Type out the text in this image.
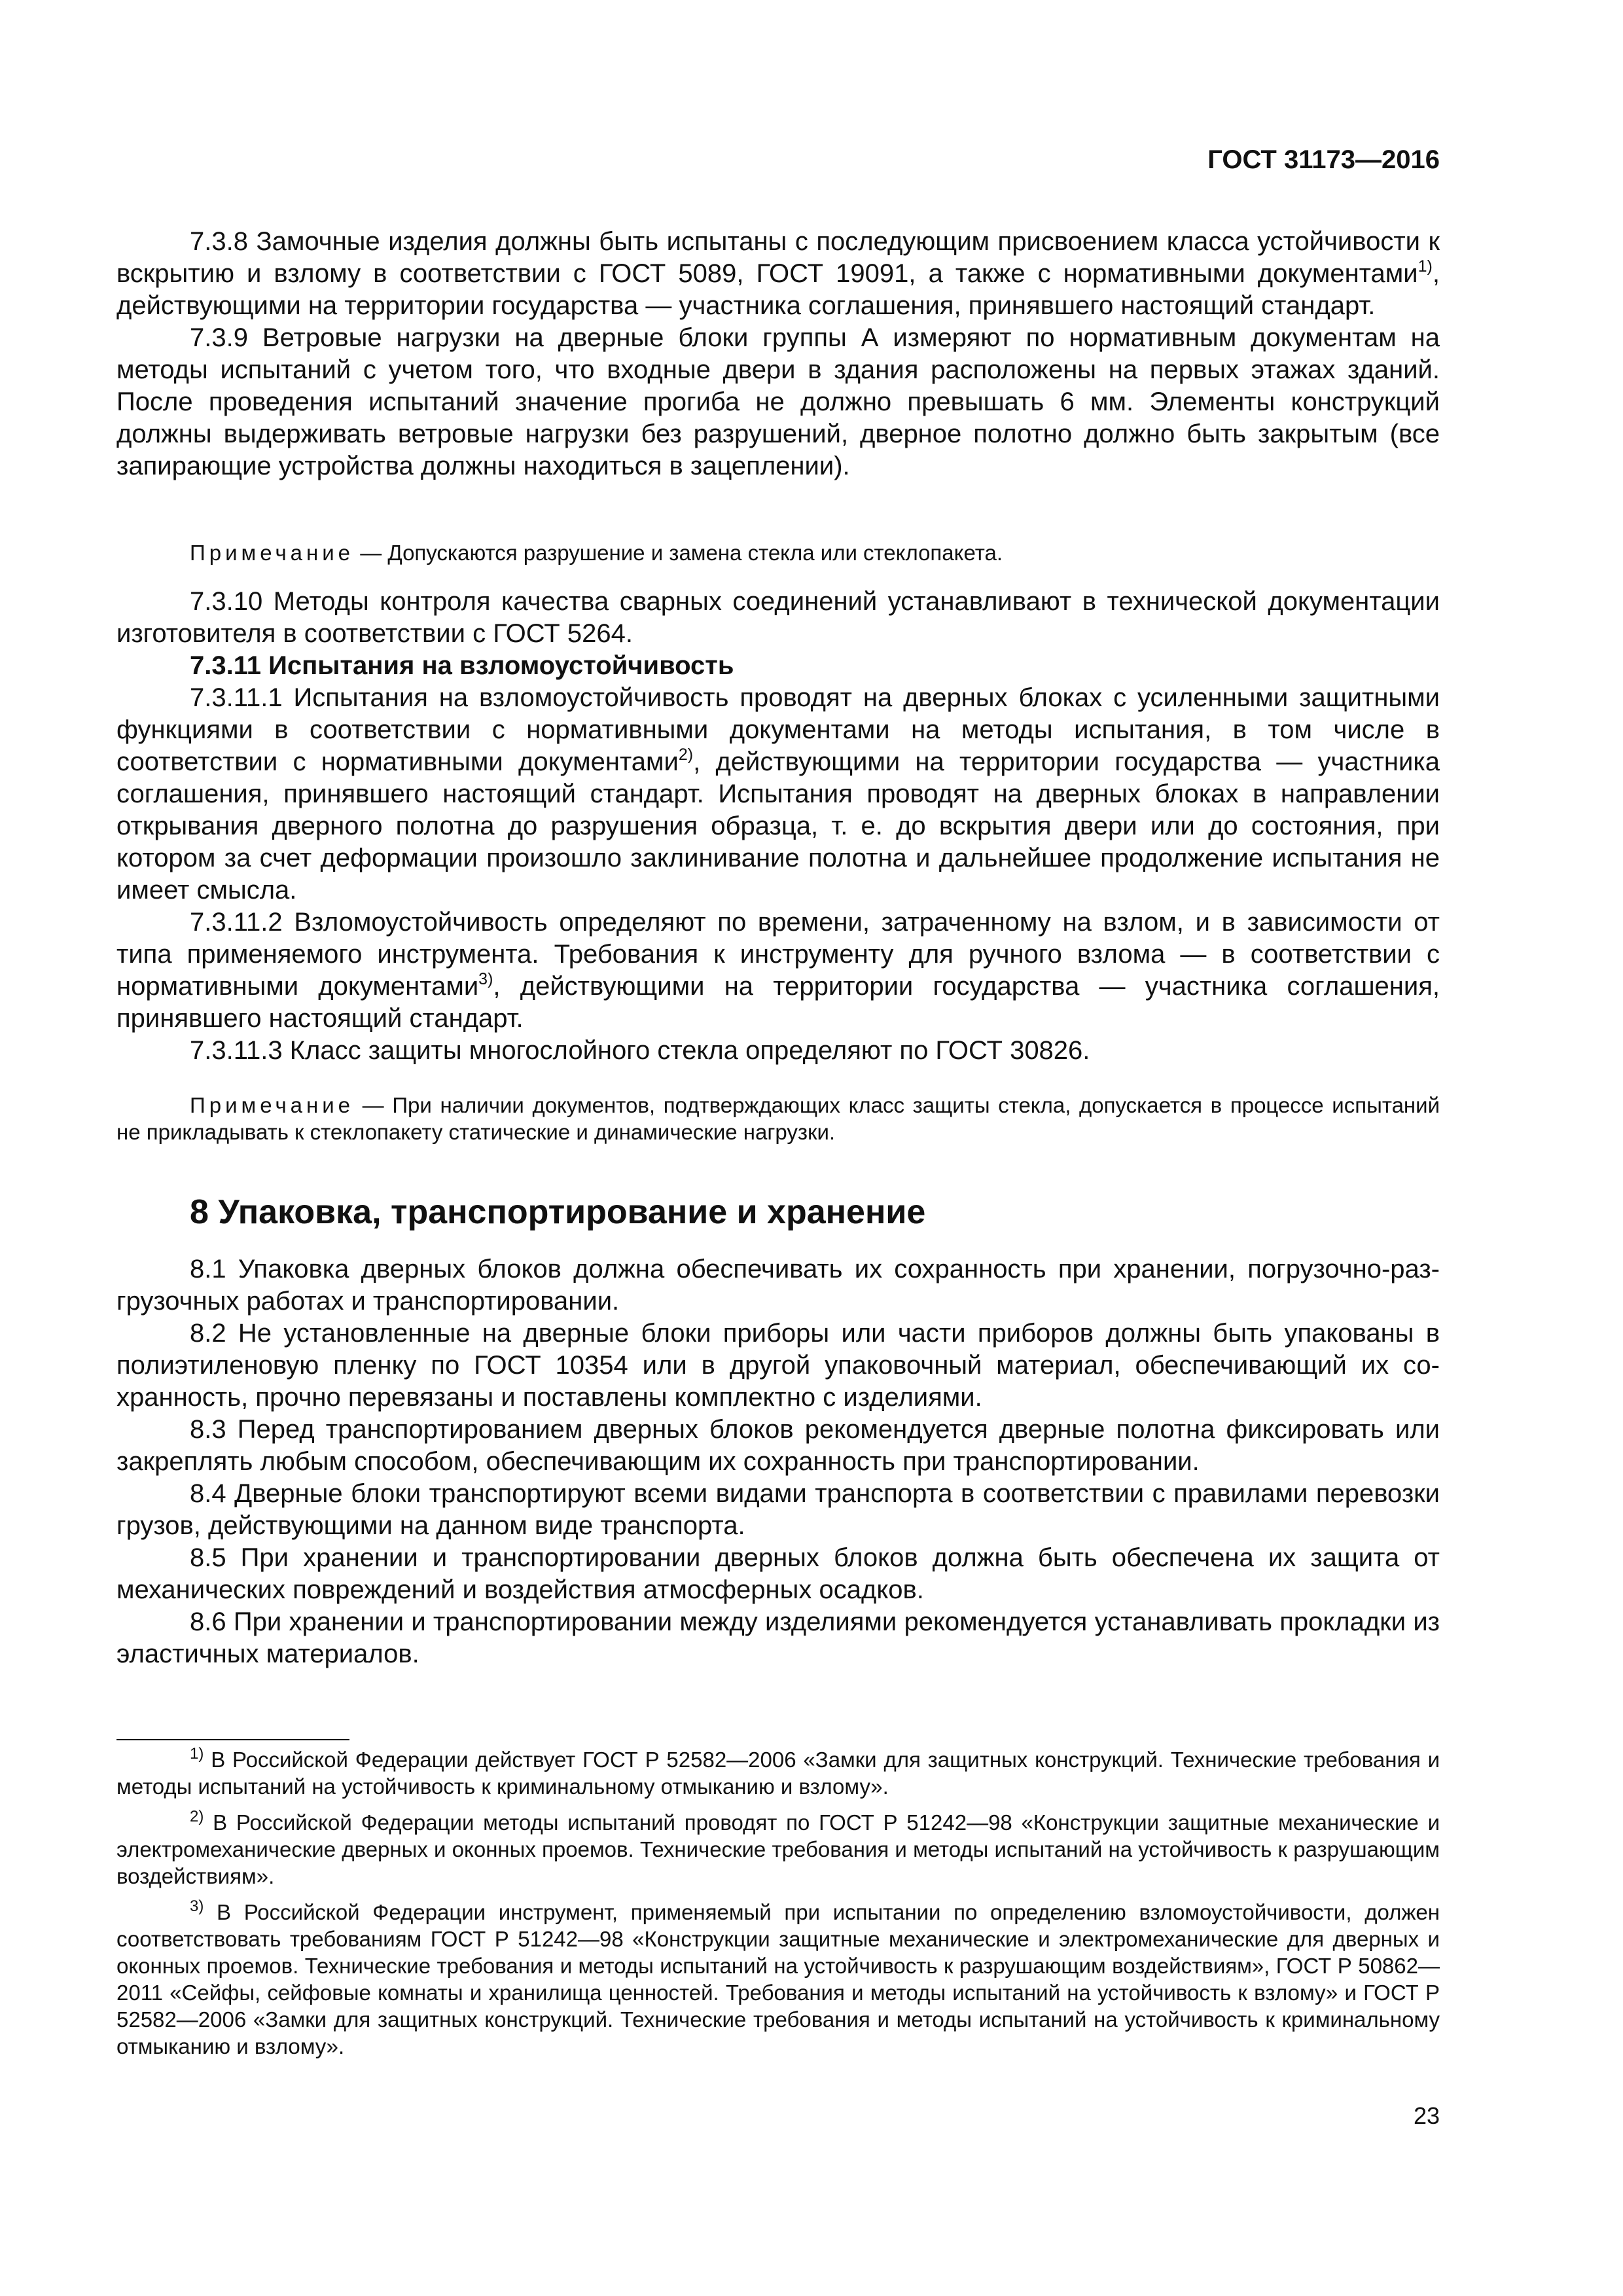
ГОСТ 31173—2016

7.3.8 Замочные изделия должны быть испытаны с последующим присвоением класса устойчивости к вскрытию и взлому в соответствии с ГОСТ 5089, ГОСТ 19091, а также с нормативными документами$^{1)}$, действующими на территории государства — участника соглашения, принявшего настоящий стандарт.

7.3.9 Ветровые нагрузки на дверные блоки группы А измеряют по нормативным документам на методы испытаний с учетом того, что входные двери в здания расположены на первых этажах зданий. После проведения испытаний значение прогиба не должно превышать 6 мм. Элементы конструкций должны выдерживать ветровые нагрузки без разрушений, дверное полотно должно быть закрытым (все запирающие устройства должны находиться в зацеплении).

Примечание — Допускаются разрушение и замена стекла или стеклопакета.

7.3.10 Методы контроля качества сварных соединений устанавливают в технической документации изготовителя в соответствии с ГОСТ 5264.

7.3.11 Испытания на взломоустойчивость

7.3.11.1 Испытания на взломоустойчивость проводят на дверных блоках с усиленными защитными функциями в соответствии с нормативными документами на методы испытания, в том числе в соответствии с нормативными документами$^{2)}$, действующими на территории государства — участника соглашения, принявшего настоящий стандарт. Испытания проводят на дверных блоках в направлении открывания дверного полотна до разрушения образца, т. е. до вскрытия двери или до состояния, при котором за счет деформации произошло заклинивание полотна и дальнейшее продолжение испытания не имеет смысла.

7.3.11.2 Взломоустойчивость определяют по времени, затраченному на взлом, и в зависимости от типа применяемого инструмента. Требования к инструменту для ручного взлома — в соответствии с нормативными документами$^{3)}$, действующими на территории государства — участника соглашения, принявшего настоящий стандарт.

7.3.11.3 Класс защиты многослойного стекла определяют по ГОСТ 30826.

Примечание — При наличии документов, подтверждающих класс защиты стекла, допускается в процессе испытаний не прикладывать к стеклопакету статические и динамические нагрузки.

8 Упаковка, транспортирование и хранение

8.1 Упаковка дверных блоков должна обеспечивать их сохранность при хранении, погрузочно-разгрузочных работах и транспортировании.

8.2 Не установленные на дверные блоки приборы или части приборов должны быть упакованы в полиэтиленовую пленку по ГОСТ 10354 или в другой упаковочный материал, обеспечивающий их сохранность, прочно перевязаны и поставлены комплектно с изделиями.

8.3 Перед транспортированием дверных блоков рекомендуется дверные полотна фиксировать или закреплять любым способом, обеспечивающим их сохранность при транспортировании.

8.4 Дверные блоки транспортируют всеми видами транспорта в соответствии с правилами перевозки грузов, действующими на данном виде транспорта.

8.5 При хранении и транспортировании дверных блоков должна быть обеспечена их защита от механических повреждений и воздействия атмосферных осадков.

8.6 При хранении и транспортировании между изделиями рекомендуется устанавливать прокладки из эластичных материалов.

$^{1)}$ В Российской Федерации действует ГОСТ Р 52582—2006 «Замки для защитных конструкций. Технические требования и методы испытаний на устойчивость к криминальному отмыканию и взлому».

$^{2)}$ В Российской Федерации методы испытаний проводят по ГОСТ Р 51242—98 «Конструкции защитные механические и электромеханические дверных и оконных проемов. Технические требования и методы испытаний на устойчивость к разрушающим воздействиям».

$^{3)}$ В Российской Федерации инструмент, применяемый при испытании по определению взломоустойчивости, должен соответствовать требованиям ГОСТ Р 51242—98 «Конструкции защитные механические и электромеханические для дверных и оконных проемов. Технические требования и методы испытаний на устойчивость к разрушающим воздействиям», ГОСТ Р 50862—2011 «Сейфы, сейфовые комнаты и хранилища ценностей. Требования и методы испытаний на устойчивость к взлому» и ГОСТ Р 52582—2006 «Замки для защитных конструкций. Технические требования и методы испытаний на устойчивость к криминальному отмыканию и взлому».

23
